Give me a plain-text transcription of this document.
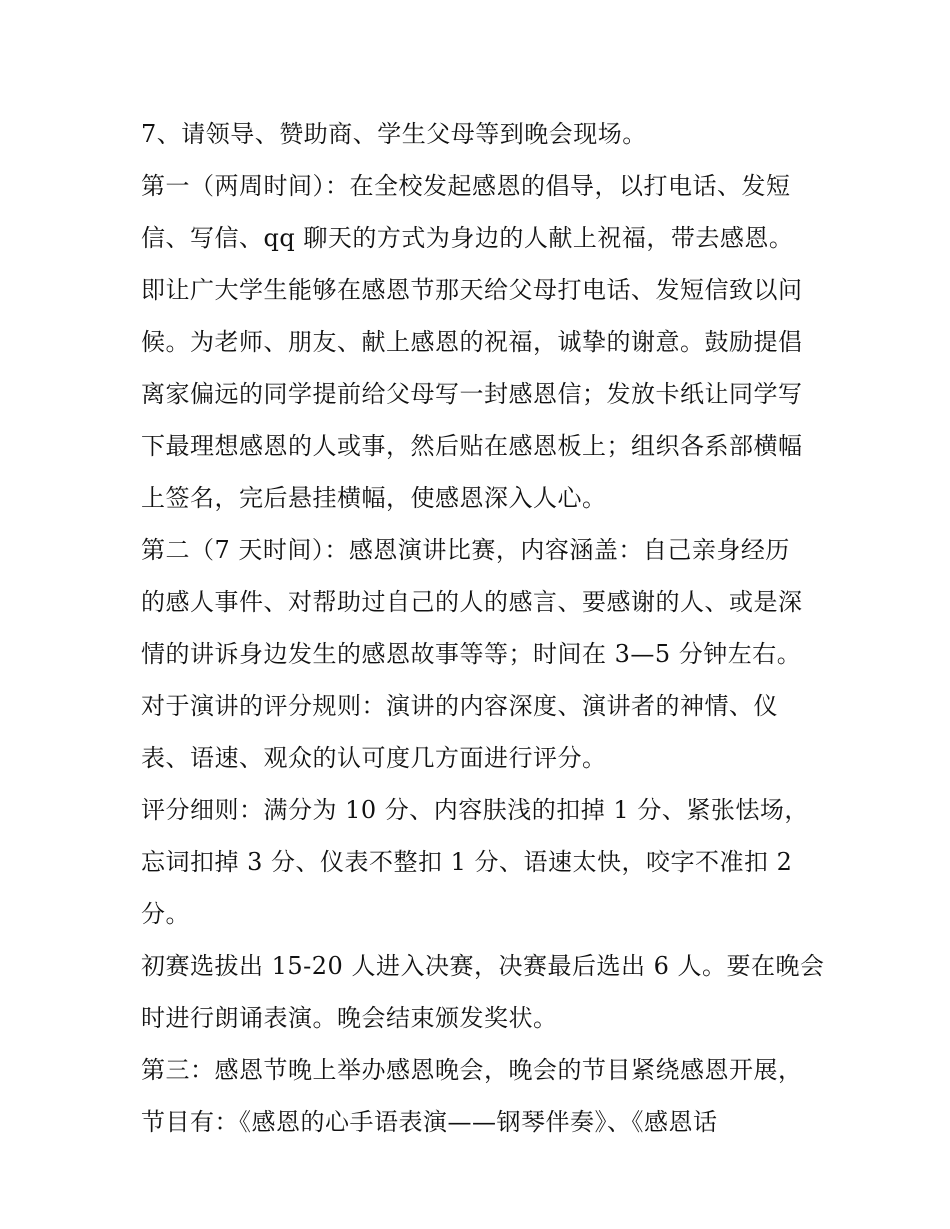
7、请领导、赞助商、学生父母等到晚会现场。
第一（两周时间）：在全校发起感恩的倡导，以打电话、发短
信、写信、qq 聊天的方式为身边的人献上祝福，带去感恩。
即让广大学生能够在感恩节那天给父母打电话、发短信致以问
候。为老师、朋友、献上感恩的祝福，诚挚的谢意。鼓励提倡
离家偏远的同学提前给父母写一封感恩信；发放卡纸让同学写
下最理想感恩的人或事，然后贴在感恩板上；组织各系部横幅
上签名，完后悬挂横幅，使感恩深入人心。
第二（7 天时间）：感恩演讲比赛，内容涵盖：自己亲身经历
的感人事件、对帮助过自己的人的感言、要感谢的人、或是深
情的讲诉身边发生的感恩故事等等；时间在 3—5 分钟左右。
对于演讲的评分规则：演讲的内容深度、演讲者的神情、仪
表、语速、观众的认可度几方面进行评分。
评分细则：满分为 10 分、内容肤浅的扣掉 1 分、紧张怯场，
忘词扣掉 3 分、仪表不整扣 1 分、语速太快，咬字不准扣 2
分。
初赛选拔出 15-20 人进入决赛，决赛最后选出 6 人。要在晚会
时进行朗诵表演。晚会结束颁发奖状。
第三：感恩节晚上举办感恩晚会，晚会的节目紧绕感恩开展，
节目有：《感恩的心手语表演——钢琴伴奏》、《感恩话
